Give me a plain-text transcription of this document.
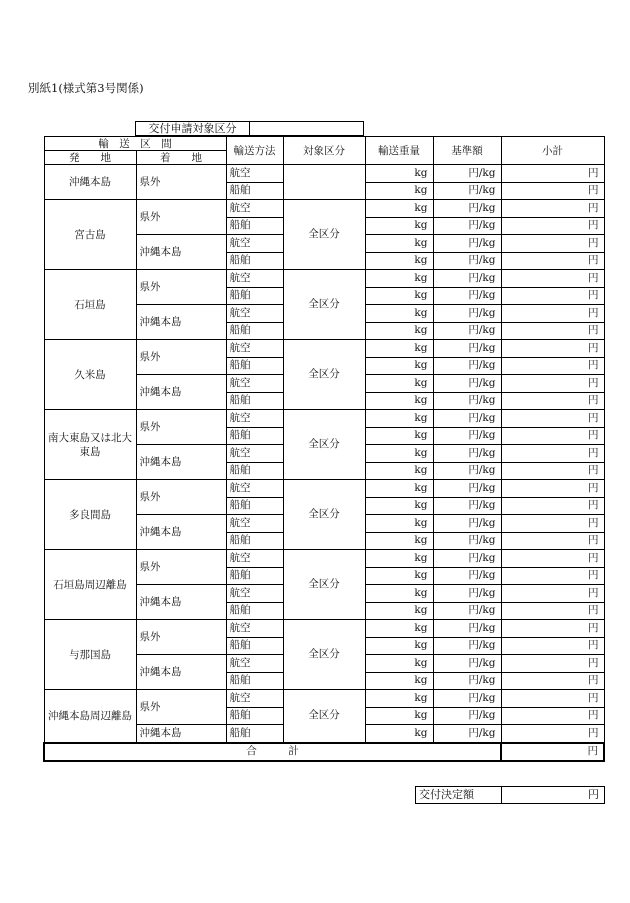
別紙1(様式第3号関係)
交付申請対象区分
輸　送　区　間		輸送方法	対象区分	輸送重量	基準額	小計
発　　地	着　　地					
沖縄本島	県外	航空		kg	円/kg	円
		船舶		kg	円/kg	円
宮古島	県外	航空	全区分	kg	円/kg	円
		船舶		kg	円/kg	円
	沖縄本島	航空		kg	円/kg	円
		船舶		kg	円/kg	円
石垣島	県外	航空	全区分	kg	円/kg	円
		船舶		kg	円/kg	円
	沖縄本島	航空		kg	円/kg	円
		船舶		kg	円/kg	円
久米島	県外	航空	全区分	kg	円/kg	円
		船舶		kg	円/kg	円
	沖縄本島	航空		kg	円/kg	円
		船舶		kg	円/kg	円
南大東島又は北大東島	県外	航空	全区分	kg	円/kg	円
		船舶		kg	円/kg	円
	沖縄本島	航空		kg	円/kg	円
		船舶		kg	円/kg	円
多良間島	県外	航空	全区分	kg	円/kg	円
		船舶		kg	円/kg	円
	沖縄本島	航空		kg	円/kg	円
		船舶		kg	円/kg	円
石垣島周辺離島	県外	航空	全区分	kg	円/kg	円
		船舶		kg	円/kg	円
	沖縄本島	航空		kg	円/kg	円
		船舶		kg	円/kg	円
与那国島	県外	航空	全区分	kg	円/kg	円
		船舶		kg	円/kg	円
	沖縄本島	航空		kg	円/kg	円
		船舶		kg	円/kg	円
沖縄本島周辺離島	県外	航空	全区分	kg	円/kg	円
		船舶		kg	円/kg	円
	沖縄本島	船舶		kg	円/kg	円
合　　　計						円
交付決定額	円
